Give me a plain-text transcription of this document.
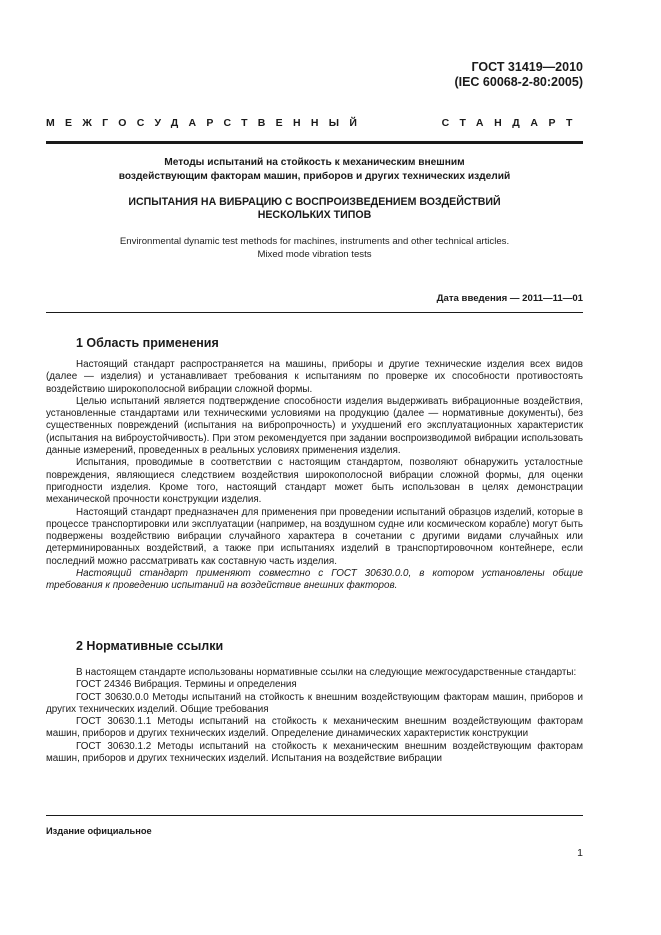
ГОСТ 31419—2010
(IEC 60068-2-80:2005)
МЕЖГОСУДАРСТВЕННЫЙ	СТАНДАРТ
Методы испытаний на стойкость к механическим внешним
воздействующим факторам машин, приборов и других технических изделий
ИСПЫТАНИЯ НА ВИБРАЦИЮ С ВОСПРОИЗВЕДЕНИЕМ ВОЗДЕЙСТВИЙ
НЕСКОЛЬКИХ ТИПОВ
Environmental dynamic test methods for machines, instruments and other technical articles.
Mixed mode vibration tests
Дата введения — 2011—11—01
1 Область применения

Настоящий стандарт распространяется на машины, приборы и другие технические изделия всех видов (далее — изделия) и устанавливает требования к испытаниям по проверке их способности противостоять воздействию широкополосной вибрации сложной формы.

Целью испытаний является подтверждение способности изделия выдерживать вибрационные воздействия, установленные стандартами или техническими условиями на продукцию (далее — нормативные документы), без существенных повреждений (испытания на вибропрочность) и ухудшений его эксплуатационных характеристик (испытания на виброустойчивость). При этом рекомендуется при задании воспроизводимой вибрации использовать данные измерений, проведенных в реальных условиях применения изделия.

Испытания, проводимые в соответствии с настоящим стандартом, позволяют обнаружить усталостные повреждения, являющиеся следствием воздействия широкополосной вибрации сложной формы, для оценки пригодности изделия. Кроме того, настоящий стандарт может быть использован в целях демонстрации механической прочности конструкции изделия.

Настоящий стандарт предназначен для применения при проведении испытаний образцов изделий, которые в процессе транспортировки или эксплуатации (например, на воздушном судне или космическом корабле) могут быть подвержены воздействию вибрации случайного характера в сочетании с другими видами случайных или детерминированных воздействий, а также при испытаниях изделий в транспортировочном контейнере, если последний можно рассматривать как составную часть изделия.

Настоящий стандарт применяют совместно с ГОСТ 30630.0.0, в котором установлены общие требования к проведению испытаний на воздействие внешних факторов.

2 Нормативные ссылки

В настоящем стандарте использованы нормативные ссылки на следующие межгосударственные стандарты:

ГОСТ 24346 Вибрация. Термины и определения

ГОСТ 30630.0.0 Методы испытаний на стойкость к внешним воздействующим факторам машин, приборов и других технических изделий. Общие требования

ГОСТ 30630.1.1 Методы испытаний на стойкость к механическим внешним воздействующим факторам машин, приборов и других технических изделий. Определение динамических характеристик конструкции

ГОСТ 30630.1.2 Методы испытаний на стойкость к механическим внешним воздействующим факторам машин, приборов и других технических изделий. Испытания на воздействие вибрации

Издание официальное
1
